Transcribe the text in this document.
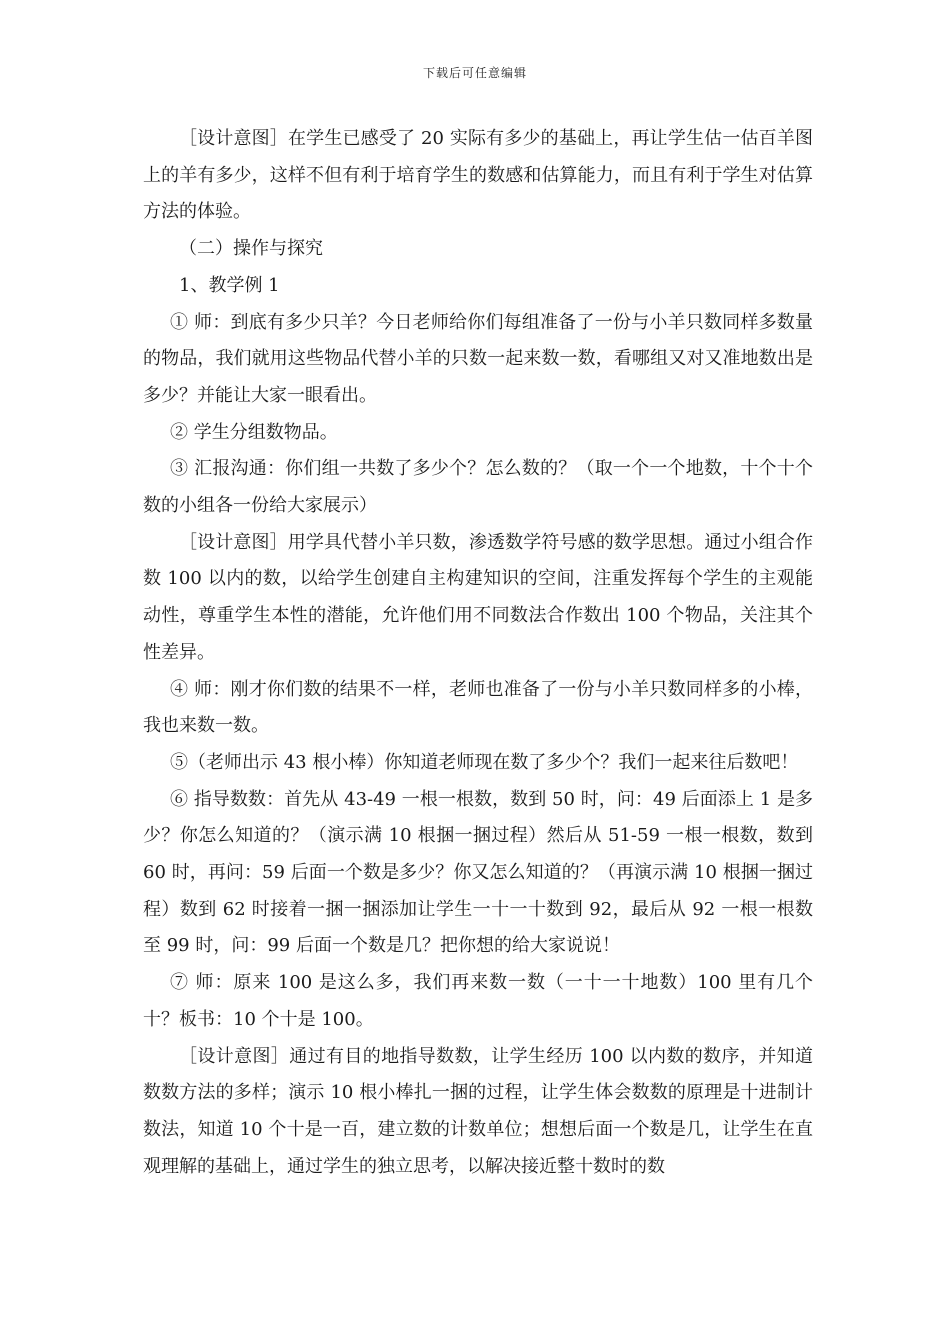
下载后可任意编辑

［设计意图］在学生已感受了 20 实际有多少的基础上，再让学生估一估百羊图上的羊有多少，这样不但有利于培育学生的数感和估算能力，而且有利于学生对估算方法的体验。

（二）操作与探究

1、教学例 1

① 师：到底有多少只羊？今日老师给你们每组准备了一份与小羊只数同样多数量的物品，我们就用这些物品代替小羊的只数一起来数一数，看哪组又对又准地数出是多少？并能让大家一眼看出。

② 学生分组数物品。

③ 汇报沟通：你们组一共数了多少个？怎么数的？（取一个一个地数，十个十个数的小组各一份给大家展示）

［设计意图］用学具代替小羊只数，渗透数学符号感的数学思想。通过小组合作数 100 以内的数，以给学生创建自主构建知识的空间，注重发挥每个学生的主观能动性，尊重学生本性的潜能，允许他们用不同数法合作数出 100 个物品，关注其个性差异。

④ 师：刚才你们数的结果不一样，老师也准备了一份与小羊只数同样多的小棒，我也来数一数。

⑤（老师出示 43 根小棒）你知道老师现在数了多少个？我们一起来往后数吧！

⑥ 指导数数：首先从 43-49 一根一根数，数到 50 时，问：49 后面添上 1 是多少？你怎么知道的？（演示满 10 根捆一捆过程）然后从 51-59 一根一根数，数到 60 时，再问：59 后面一个数是多少？你又怎么知道的？（再演示满 10 根捆一捆过程）数到 62 时接着一捆一捆添加让学生一十一十数到 92，最后从 92 一根一根数至 99 时，问：99 后面一个数是几？把你想的给大家说说！

⑦ 师：原来 100 是这么多，我们再来数一数（一十一十地数）100 里有几个十？板书：10 个十是 100。

［设计意图］通过有目的地指导数数，让学生经历 100 以内数的数序，并知道数数方法的多样；演示 10 根小棒扎一捆的过程，让学生体会数数的原理是十进制计数法，知道 10 个十是一百，建立数的计数单位；想想后面一个数是几，让学生在直观理解的基础上，通过学生的独立思考，以解决接近整十数时的数
